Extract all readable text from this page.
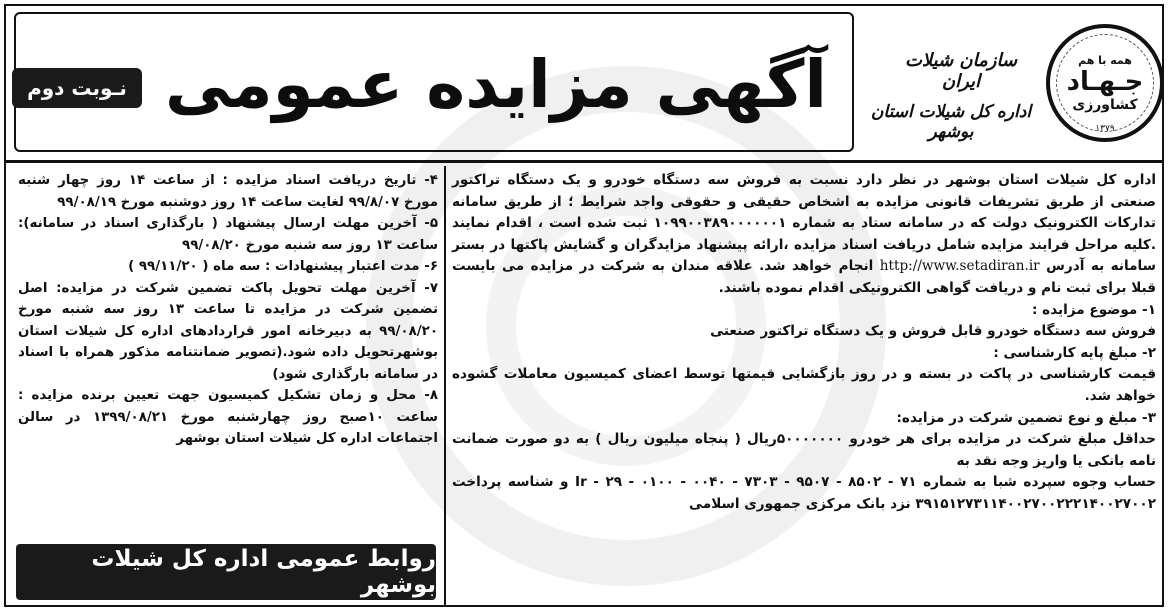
نـوبت دوم آگهی مزایده عمومی	سازمان شیلات ایران
اداره کل شیلات استان بوشهر
همه با هم
جـهـاد
کشاورزی
۱۳۷۹

اداره کل شیلات استان بوشهر در نظر دارد نسبت به فروش سه دستگاه خودرو و یک دستگاه تراکتور صنعتی از طریق تشریفات قانونی مزایده به اشخاص حقیقی و حقوقی واجد شرایط ؛ از طریق سامانه تدارکات الکترونیک دولت که در سامانه ستاد به شماره ۱۰۹۹۰۰۳۸۹۰۰۰۰۰۰۱ ثبت شده است ، اقدام نمایند .کلیه مراحل فرایند مزایده شامل دریافت اسناد مزایده ،ارائه پیشنهاد مزایدگران و گشایش پاکتها در بستر سامانه به آدرس http://www.setadiran.ir انجام خواهد شد. علاقه مندان به شرکت در مزایده می بایست قبلا برای ثبت نام و دریافت گواهی الکترونیکی اقدام نموده باشند.

۱- موضوع مزایده :

فروش سه دستگاه خودرو قابل فروش و یک دستگاه تراکتور صنعتی

۲- مبلغ پایه کارشناسی :

قیمت کارشناسی در پاکت در بسته و در روز بازگشایی قیمتها توسط اعضای کمیسیون معاملات گشوده خواهد شد.

۳- مبلغ و نوع تضمین شرکت در مزایده:

حداقل مبلغ شرکت در مزایده برای هر خودرو ۵۰۰۰۰۰۰۰ریال ( پنجاه میلیون ریال ) به دو صورت ضمانت نامه بانکی یا واریز وجه نقد به

حساب وجوه سپرده شبا به شماره Ir - ۲۹ - ۰۱۰۰ - ۰۰۴۰ - ۷۳۰۳ - ۹۵۰۷ - ۸۵۰۲ - ۷۱ و شناسه پرداخت ۳۹۱۵۱۲۷۳۱۱۴۰۰۲۷۰۰۲۲۲۱۴۰۰۲۷۰۰۲ نزد بانک مرکزی جمهوری اسلامی

۴- تاریخ دریافت اسناد مزایده : از ساعت ۱۴ روز چهار شنبه مورخ ۹۹/۸/۰۷ لغایت ساعت ۱۴ روز دوشنبه مورخ ۹۹/۰۸/۱۹

۵- آخرین مهلت ارسال پیشنهاد ( بارگذاری اسناد در سامانه): ساعت ۱۳ روز سه شنبه مورخ ۹۹/۰۸/۲۰

۶- مدت اعتبار پیشنهادات : سه ماه ( ۹۹/۱۱/۲۰ )

۷- آخرین مهلت تحویل پاکت تضمین شرکت در مزایده: اصل تضمین شرکت در مزایده تا ساعت ۱۳ روز سه شنبه مورخ ۹۹/۰۸/۲۰ به دبیرخانه امور قراردادهای اداره کل شیلات استان بوشهرتحویل داده شود.(تصویر ضمانتنامه مذکور همراه با اسناد در سامانه بارگذاری شود)

۸- محل و زمان تشکیل کمیسیون جهت تعیین برنده مزایده : ساعت ۱۰صبح روز چهارشنبه مورخ ۱۳۹۹/۰۸/۲۱ در سالن اجتماعات اداره کل شیلات استان بوشهر

روابط عمومی اداره کل شیلات بوشهر
